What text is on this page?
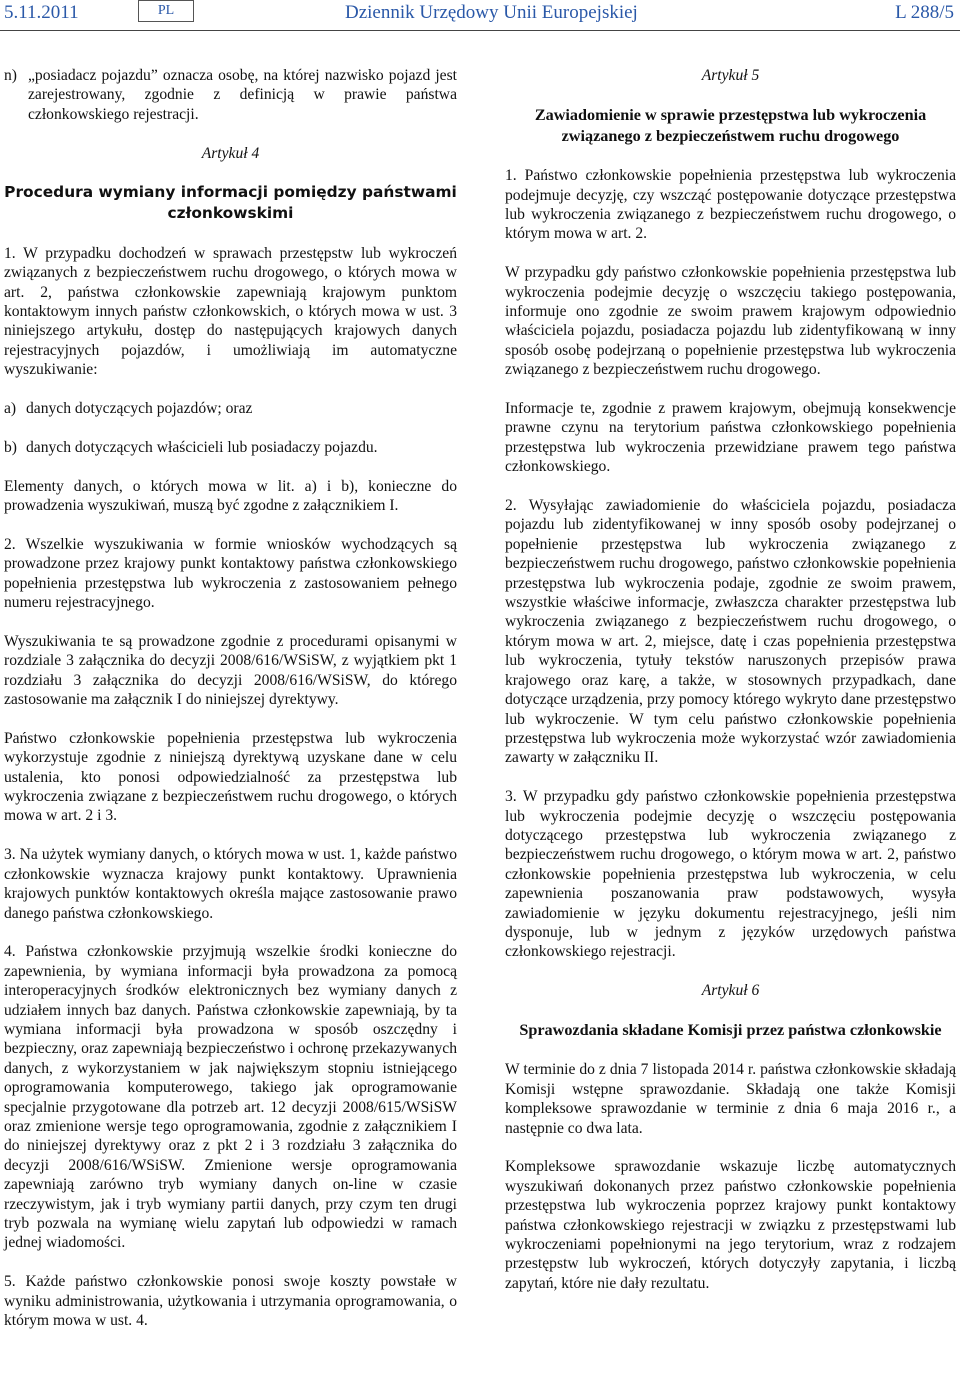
5.11.2011	PL	Dziennik Urzędowy Unii Europejskiej	L 288/5
n) „posiadacz pojazdu” oznacza osobę, na której nazwisko pojazd jest zarejestrowany, zgodnie z definicją w prawie państwa członkowskiego rejestracji.
Artykuł 4
Procedura wymiany informacji pomiędzy państwami członkowskimi

1. W przypadku dochodzeń w sprawach przestępstw lub wykroczeń związanych z bezpieczeństwem ruchu drogowego, o których mowa w art. 2, państwa członkowskie zapewniają krajowym punktom kontaktowym innych państw członkowskich, o których mowa w ust. 3 niniejszego artykułu, dostęp do następujących krajowych danych rejestracyjnych pojazdów, i umożliwiają im automatyczne wyszukiwanie:

a) danych dotyczących pojazdów; oraz
b) danych dotyczących właścicieli lub posiadaczy pojazdu.

Elementy danych, o których mowa w lit. a) i b), konieczne do prowadzenia wyszukiwań, muszą być zgodne z załącznikiem I.

2. Wszelkie wyszukiwania w formie wniosków wychodzących są prowadzone przez krajowy punkt kontaktowy państwa członkowskiego popełnienia przestępstwa lub wykroczenia z zastosowaniem pełnego numeru rejestracyjnego.

Wyszukiwania te są prowadzone zgodnie z procedurami opisanymi w rozdziale 3 załącznika do decyzji 2008/616/WSiSW, z wyjątkiem pkt 1 rozdziału 3 załącznika do decyzji 2008/616/WSiSW, do którego zastosowanie ma załącznik I do niniejszej dyrektywy.

Państwo członkowskie popełnienia przestępstwa lub wykroczenia wykorzystuje zgodnie z niniejszą dyrektywą uzyskane dane w celu ustalenia, kto ponosi odpowiedzialność za przestępstwa lub wykroczenia związane z bezpieczeństwem ruchu drogowego, o których mowa w art. 2 i 3.

3. Na użytek wymiany danych, o których mowa w ust. 1, każde państwo członkowskie wyznacza krajowy punkt kontaktowy. Uprawnienia krajowych punktów kontaktowych określa mające zastosowanie prawo danego państwa członkowskiego.

4. Państwa członkowskie przyjmują wszelkie środki konieczne do zapewnienia, by wymiana informacji była prowadzona za pomocą interoperacyjnych środków elektronicznych bez wymiany danych z udziałem innych baz danych. Państwa członkowskie zapewniają, by ta wymiana informacji była prowadzona w sposób oszczędny i bezpieczny, oraz zapewniają bezpieczeństwo i ochronę przekazywanych danych, z wykorzystaniem w jak największym stopniu istniejącego oprogramowania komputerowego, takiego jak oprogramowanie specjalnie przygotowane dla potrzeb art. 12 decyzji 2008/615/WSiSW oraz zmienione wersje tego oprogramowania, zgodnie z załącznikiem I do niniejszej dyrektywy oraz z pkt 2 i 3 rozdziału 3 załącznika do decyzji 2008/616/WSiSW. Zmienione wersje oprogramowania zapewniają zarówno tryb wymiany danych on-line w czasie rzeczywistym, jak i tryb wymiany partii danych, przy czym ten drugi tryb pozwala na wymianę wielu zapytań lub odpowiedzi w ramach jednej wiadomości.

5. Każde państwo członkowskie ponosi swoje koszty powstałe w wyniku administrowania, użytkowania i utrzymania oprogramowania, o którym mowa w ust. 4.

Artykuł 5
Zawiadomienie w sprawie przestępstwa lub wykroczenia związanego z bezpieczeństwem ruchu drogowego

1. Państwo członkowskie popełnienia przestępstwa lub wykroczenia podejmuje decyzję, czy wszcząć postępowanie dotyczące przestępstwa lub wykroczenia związanego z bezpieczeństwem ruchu drogowego, o którym mowa w art. 2.

W przypadku gdy państwo członkowskie popełnienia przestępstwa lub wykroczenia podejmie decyzję o wszczęciu takiego postępowania, informuje ono zgodnie ze swoim prawem krajowym odpowiednio właściciela pojazdu, posiadacza pojazdu lub zidentyfikowaną w inny sposób osobę podejrzaną o popełnienie przestępstwa lub wykroczenia związanego z bezpieczeństwem ruchu drogowego.

Informacje te, zgodnie z prawem krajowym, obejmują konsekwencje prawne czynu na terytorium państwa członkowskiego popełnienia przestępstwa lub wykroczenia przewidziane prawem tego państwa członkowskiego.

2. Wysyłając zawiadomienie do właściciela pojazdu, posiadacza pojazdu lub zidentyfikowanej w inny sposób osoby podejrzanej o popełnienie przestępstwa lub wykroczenia związanego z bezpieczeństwem ruchu drogowego, państwo członkowskie popełnienia przestępstwa lub wykroczenia podaje, zgodnie ze swoim prawem, wszystkie właściwe informacje, zwłaszcza charakter przestępstwa lub wykroczenia związanego z bezpieczeństwem ruchu drogowego, o którym mowa w art. 2, miejsce, datę i czas popełnienia przestępstwa lub wykroczenia, tytuły tekstów naruszonych przepisów prawa krajowego oraz karę, a także, w stosownych przypadkach, dane dotyczące urządzenia, przy pomocy którego wykryto dane przestępstwo lub wykroczenie. W tym celu państwo członkowskie popełnienia przestępstwa lub wykroczenia może wykorzystać wzór zawiadomienia zawarty w załączniku II.

3. W przypadku gdy państwo członkowskie popełnienia przestępstwa lub wykroczenia podejmie decyzję o wszczęciu postępowania dotyczącego przestępstwa lub wykroczenia związanego z bezpieczeństwem ruchu drogowego, o którym mowa w art. 2, państwo członkowskie popełnienia przestępstwa lub wykroczenia, w celu zapewnienia poszanowania praw podstawowych, wysyła zawiadomienie w języku dokumentu rejestracyjnego, jeśli nim dysponuje, lub w jednym z języków urzędowych państwa członkowskiego rejestracji.

Artykuł 6
Sprawozdania składane Komisji przez państwa członkowskie

W terminie do z dnia 7 listopada 2014 r. państwa członkowskie składają Komisji wstępne sprawozdanie. Składają one także Komisji kompleksowe sprawozdanie w terminie z dnia 6 maja 2016 r., a następnie co dwa lata.

Kompleksowe sprawozdanie wskazuje liczbę automatycznych wyszukiwań dokonanych przez państwo członkowskie popełnienia przestępstwa lub wykroczenia poprzez krajowy punkt kontaktowy państwa członkowskiego rejestracji w związku z przestępstwami lub wykroczeniami popełnionymi na jego terytorium, wraz z rodzajem przestępstw lub wykroczeń, których dotyczyły zapytania, i liczbą zapytań, które nie dały rezultatu.
